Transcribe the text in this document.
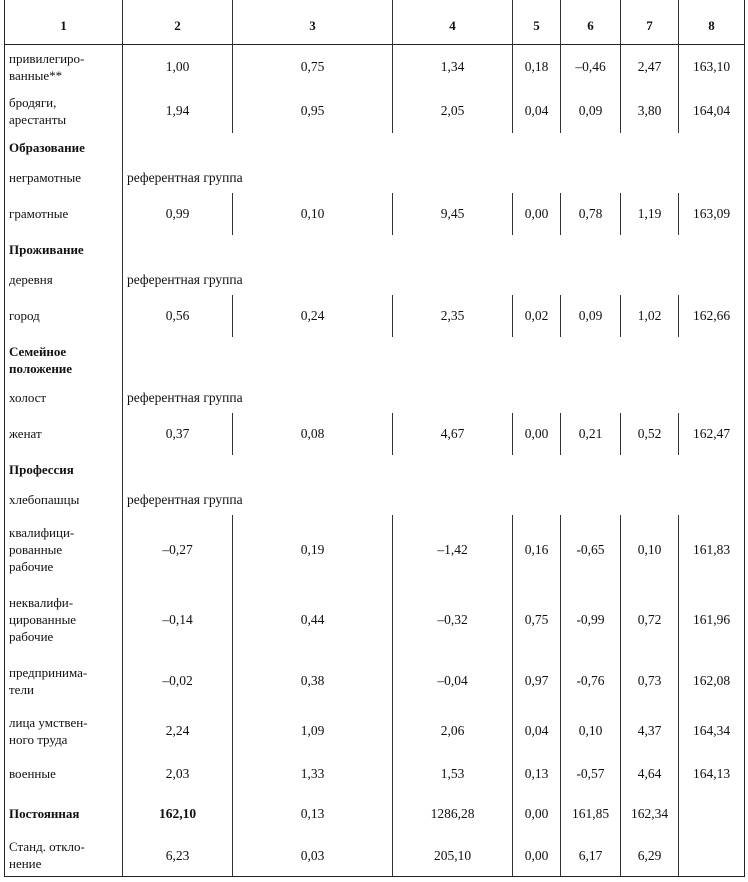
1	2	3	4	5	6	7	8
привилегиро-
ванные**	1,00	0,75	1,34	0,18	–0,46	2,47	163,10
бродяги,
арестанты	1,94	0,95	2,05	0,04	0,09	3,80	164,04
Образование							
неграмотные	референтная группа						
грамотные	0,99	0,10	9,45	0,00	0,78	1,19	163,09
Проживание							
деревня	референтная группа						
город	0,56	0,24	2,35	0,02	0,09	1,02	162,66
Семейное
положение							
холост	референтная группа						
женат	0,37	0,08	4,67	0,00	0,21	0,52	162,47
Профессия							
хлебопашцы	референтная группа						
квалифици-
рованные
рабочие	–0,27	0,19	–1,42	0,16	-0,65	0,10	161,83
неквалифи-
цированные
рабочие	–0,14	0,44	–0,32	0,75	-0,99	0,72	161,96
предпринима-
тели	–0,02	0,38	–0,04	0,97	-0,76	0,73	162,08
лица умствен-
ного труда	2,24	1,09	2,06	0,04	0,10	4,37	164,34
военные	2,03	1,33	1,53	0,13	-0,57	4,64	164,13
Постоянная	162,10	0,13	1286,28	0,00	161,85	162,34	
Станд. откло-
нение	6,23	0,03	205,10	0,00	6,17	6,29	
